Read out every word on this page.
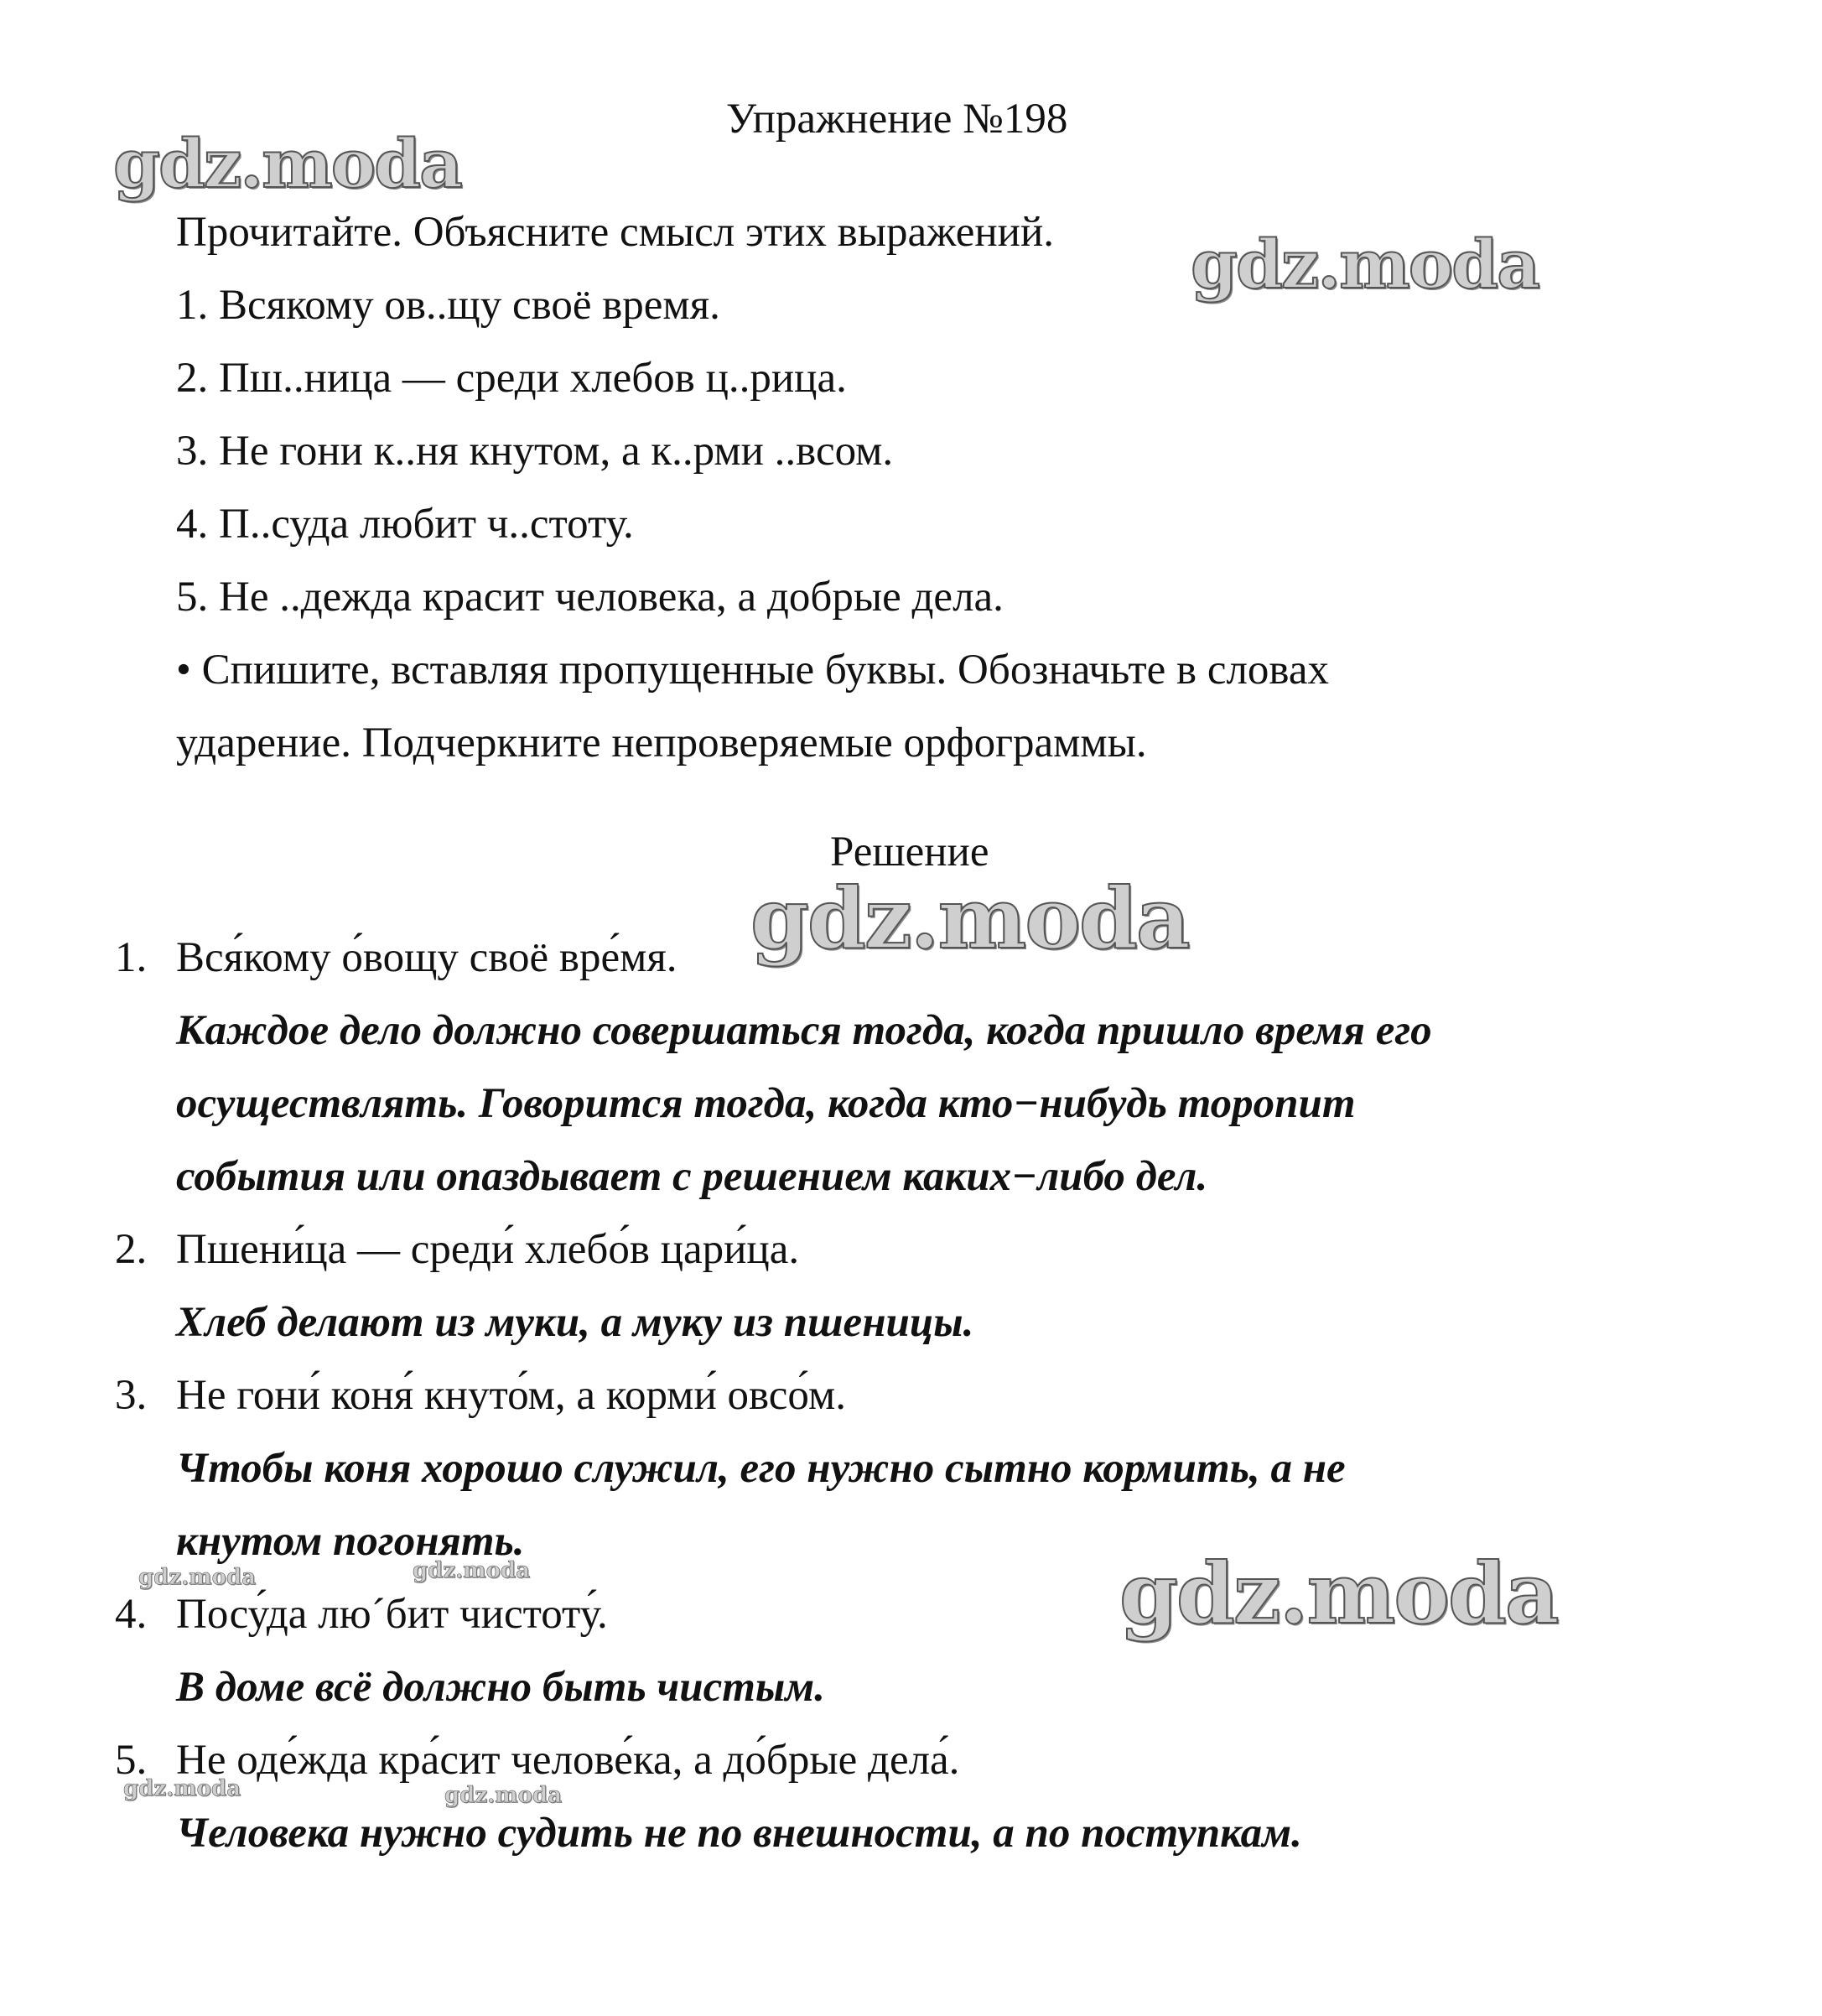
Упражнение №198
Прочитайте. Объясните смысл этих выражений.
1. Всякому ов..щу своё время.
2. Пш..ница — среди хлебов ц..рица.
3. Не гони к..ня кнутом, а к..рми ..всом.
4. П..суда любит ч..стоту.
5. Не ..дежда красит человека, а добрые дела.
• Спишите, вставляя пропущенные буквы. Обозначьте в словах
ударение. Подчеркните непроверяемые орфограммы.
Решение
1. Вся́кому о́вощу своё вре́мя.
Каждое дело должно совершаться тогда, когда пришло время его
осуществлять. Говорится тогда, когда кто−нибудь торопит
события или опаздывает с решением каких−либо дел.
2. Пшени́ца — среди́ хлебо́в цари́ца.
Хлеб делают из муки, а муку из пшеницы.
3. Не гони́ коня́ кнуто́м, а корми́ овсо́м.
Чтобы коня хорошо служил, его нужно сытно кормить, а не
кнутом погонять.
4. Посу́да лю´бит чистоту́.
В доме всё должно быть чистым.
5. Не оде́жда кра́сит челове́ка, а до́брые дела́.
Человека нужно судить не по внешности, а по поступкам.
gdz.moda
gdz.moda
gdz.moda
gdz.moda
gdz.moda	gdz.moda
gdz.moda	gdz.moda
